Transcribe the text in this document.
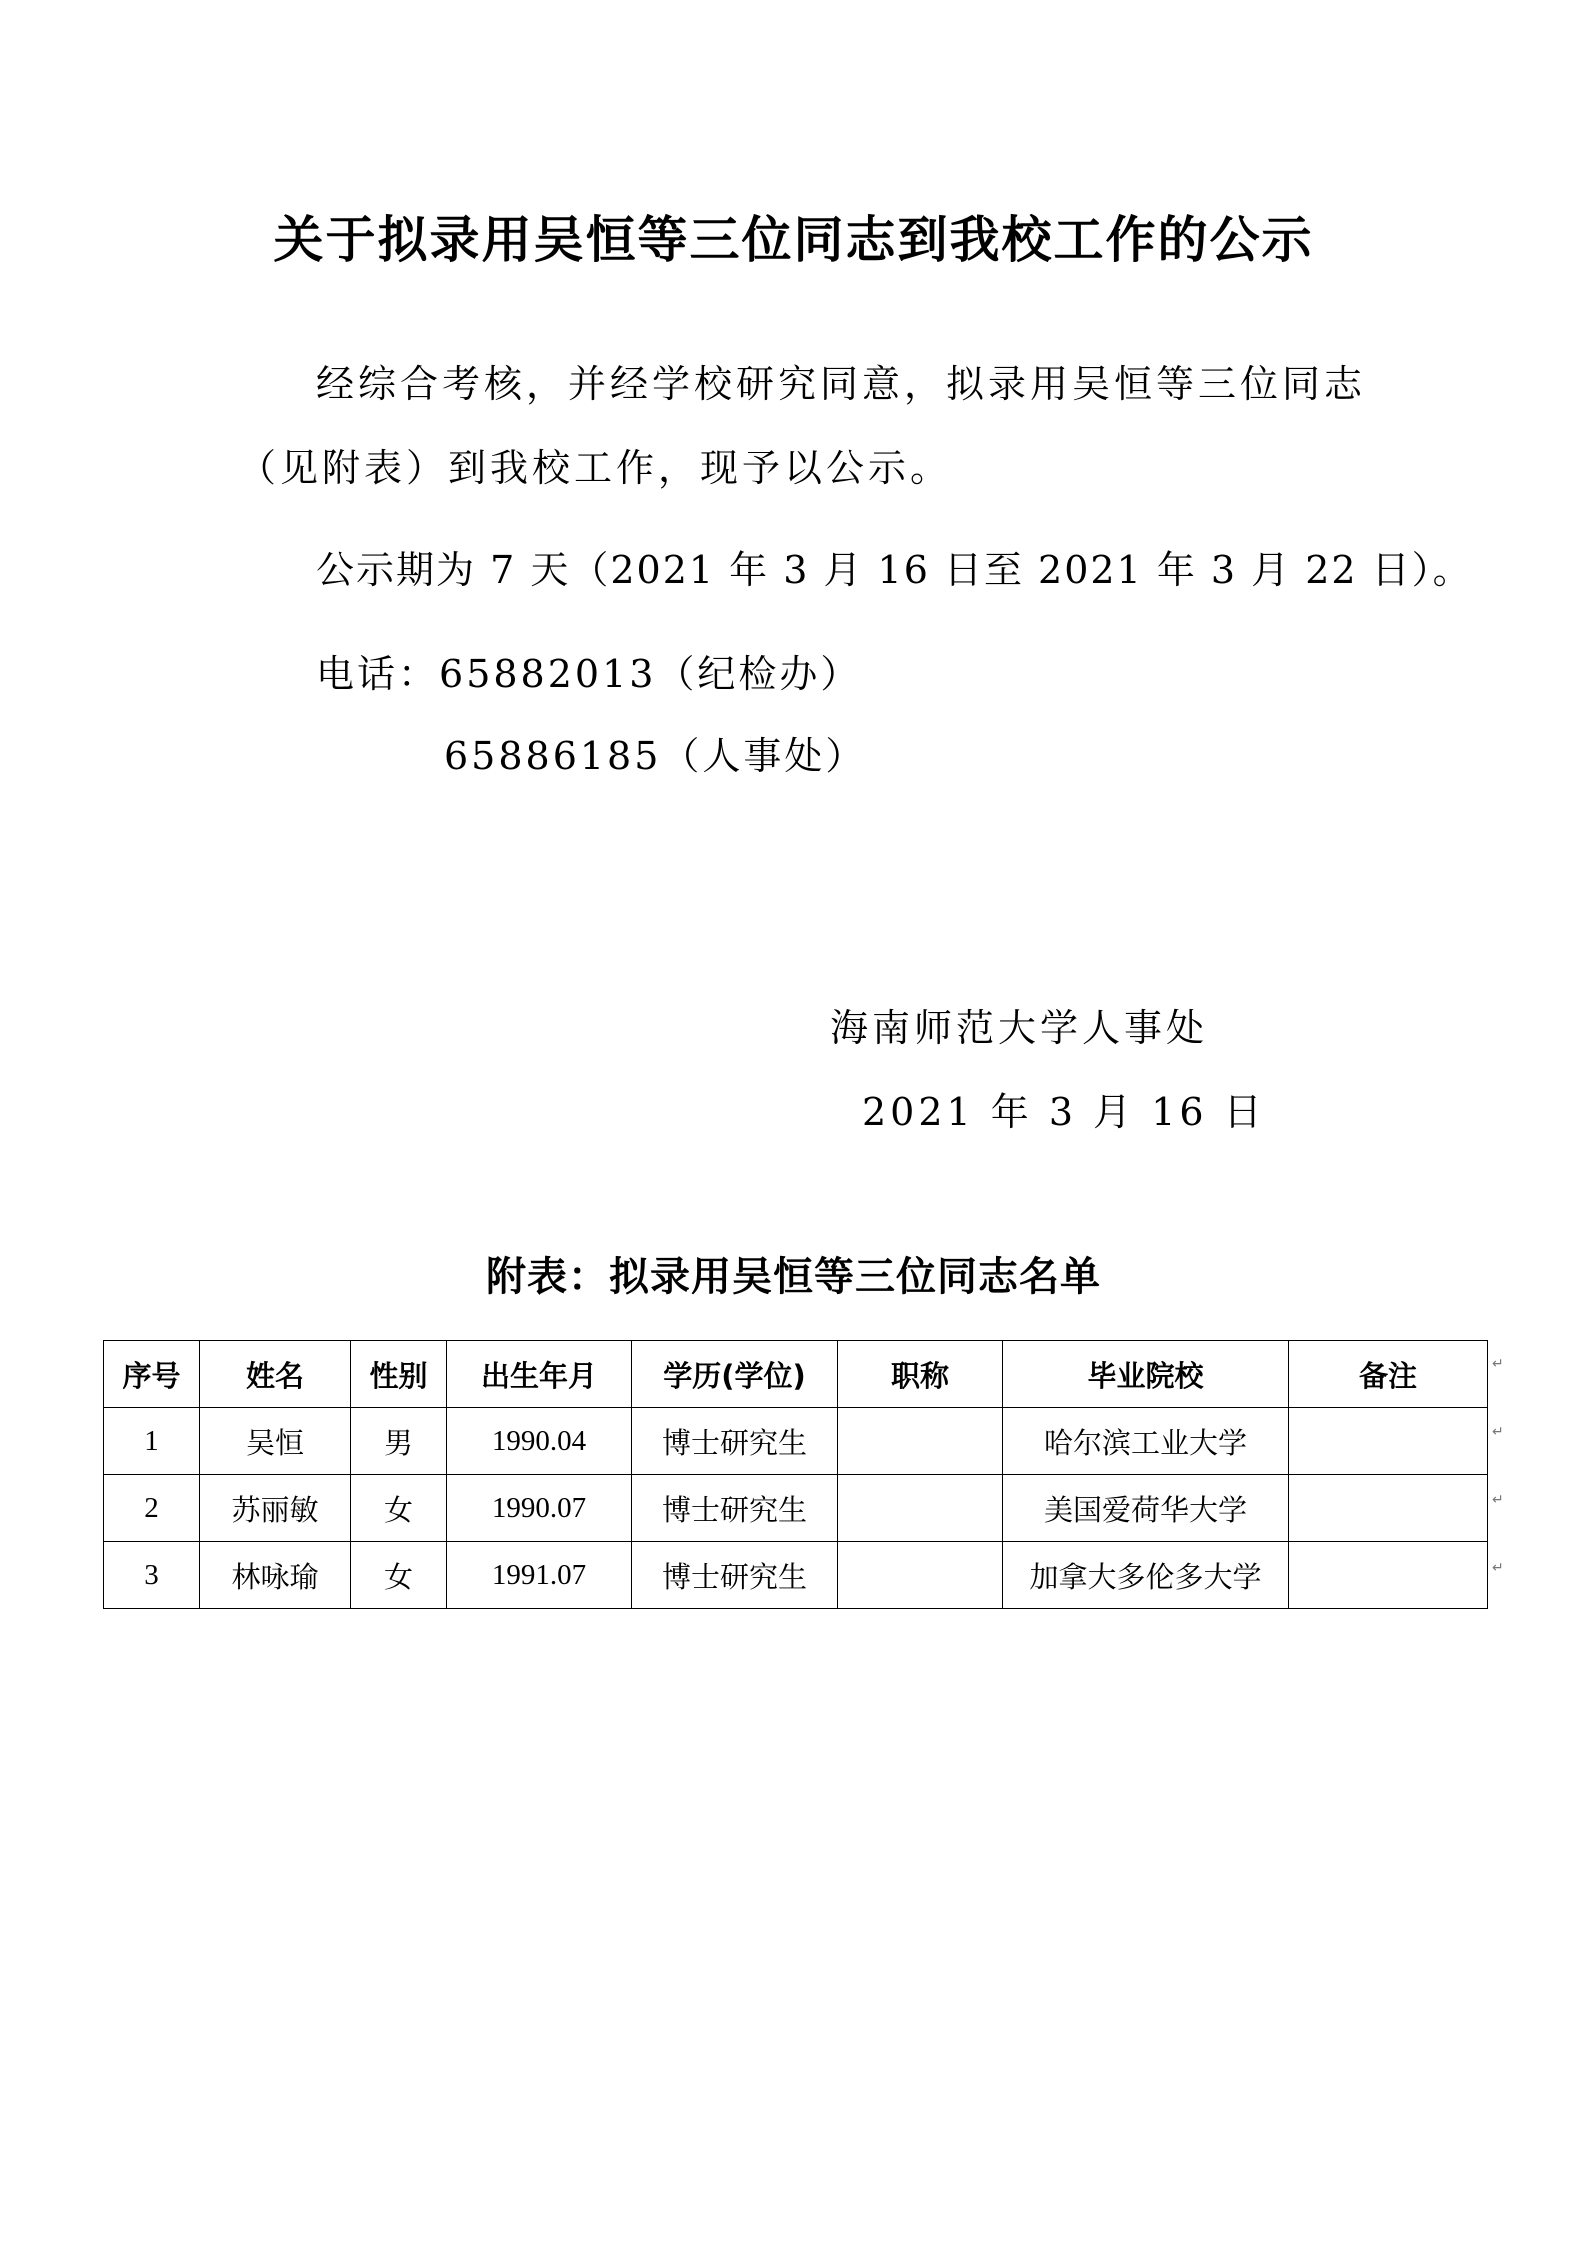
关于拟录用吴恒等三位同志到我校工作的公示
经综合考核，并经学校研究同意，拟录用吴恒等三位同志
（见附表）到我校工作，现予以公示。
公示期为 7 天（2021 年 3 月 16 日至 2021 年 3 月 22 日）。
电话：65882013（纪检办）
65886185（人事处）
海南师范大学人事处
2021 年 3 月 16 日
附表：拟录用吴恒等三位同志名单
序号	姓名	性别	出生年月	学历(学位)	职称	毕业院校	备注
1	吴恒	男	1990.04	博士研究生		哈尔滨工业大学	
2	苏丽敏	女	1990.07	博士研究生		美国爱荷华大学	
3	林咏瑜	女	1991.07	博士研究生		加拿大多伦多大学	
↵
↵
↵
↵
